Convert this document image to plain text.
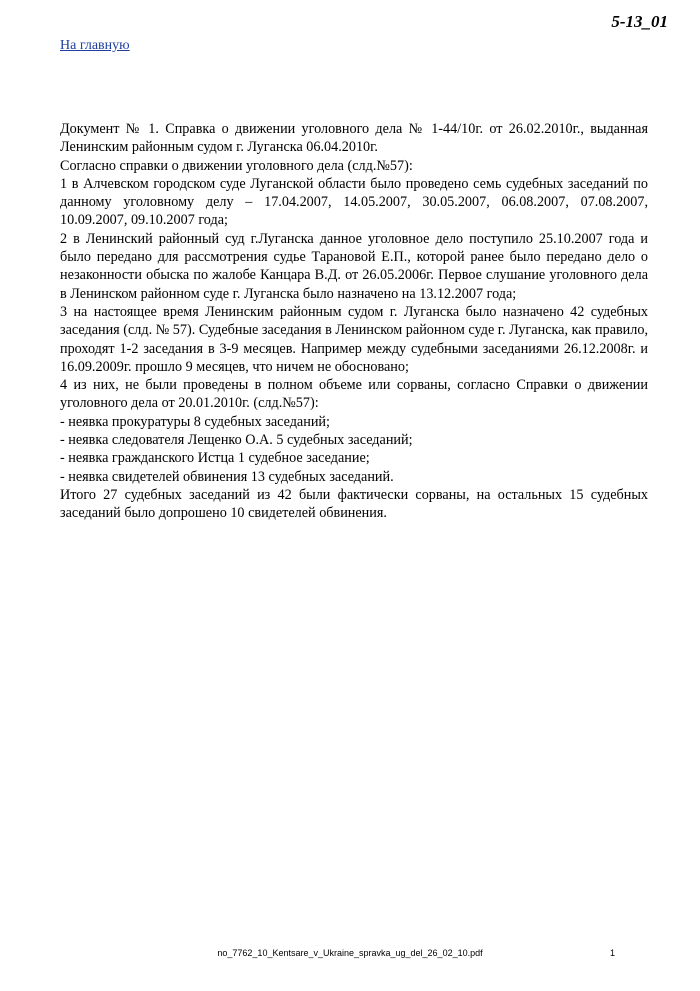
5-13_01
На главную

Документ № 1. Справка о движении уголовного дела № 1-44/10г. от 26.02.2010г., выданная Ленинским районным судом г. Луганска 06.04.2010г.

Согласно справки о движении уголовного дела (слд.№57):

1 в Алчевском городском суде Луганской области было проведено семь судебных заседаний по данному уголовному делу – 17.04.2007, 14.05.2007, 30.05.2007, 06.08.2007, 07.08.2007, 10.09.2007, 09.10.2007 года;

2 в Ленинский районный суд г.Луганска данное уголовное дело поступило 25.10.2007 года и было передано для рассмотрения судье Тарановой Е.П., которой ранее было передано дело о незаконности обыска по жалобе Канцара В.Д. от 26.05.2006г. Первое слушание уголовного дела в Ленинском районном суде г. Луганска было назначено на 13.12.2007 года;

3 на настоящее время Ленинским районным судом г. Луганска было назначено 42 судебных заседания (слд. № 57). Судебные заседания в Ленинском районном суде г. Луганска, как правило, проходят 1-2 заседания в 3-9 месяцев. Например между судебными заседаниями 26.12.2008г. и 16.09.2009г. прошло 9 месяцев, что ничем не обосновано;

4 из них, не были проведены в полном объеме или сорваны, согласно Справки о движении уголовного дела от 20.01.2010г. (слд.№57):

- неявка прокуратуры 8 судебных заседаний;

- неявка следователя Лещенко О.А. 5 судебных заседаний;

- неявка гражданского Истца 1 судебное заседание;

- неявка свидетелей обвинения 13 судебных заседаний.

Итого 27 судебных заседаний из 42 были фактически сорваны, на остальных 15 судебных заседаний было допрошено 10 свидетелей обвинения.

no_7762_10_Kentsare_v_Ukraine_spravka_ug_del_26_02_10.pdf	1
